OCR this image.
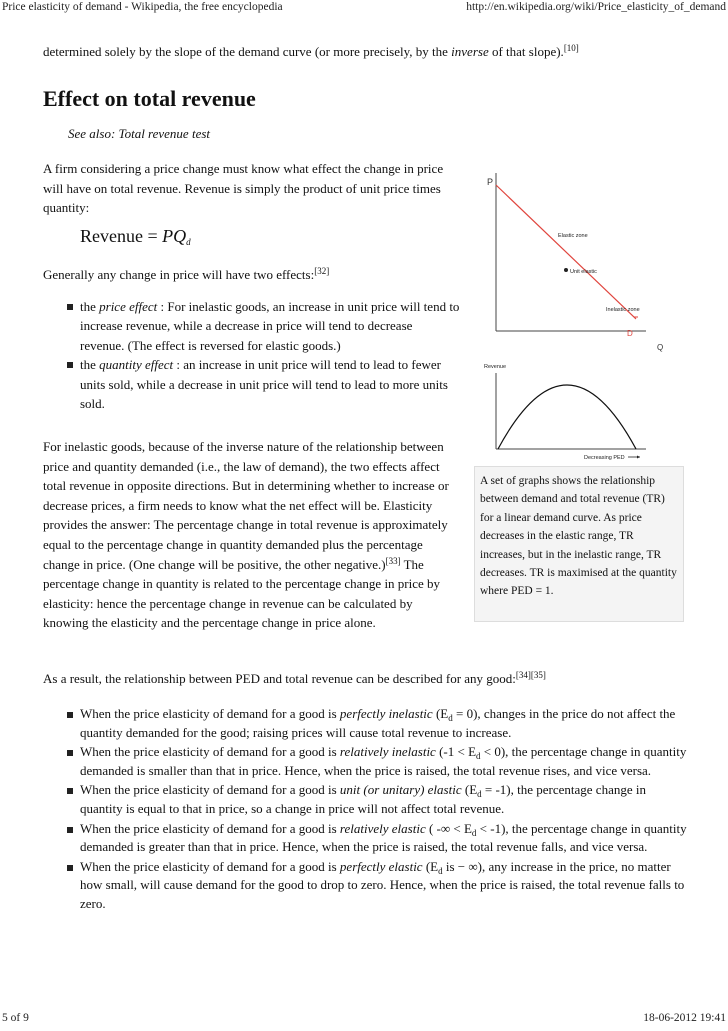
Price elasticity of demand - Wikipedia, the free encyclopedia	http://en.wikipedia.org/wiki/Price_elasticity_of_demand

determined solely by the slope of the demand curve (or more precisely, by the inverse of that slope).[10]

Effect on total revenue
See also: Total revenue test

A firm considering a price change must know what effect the change in price will have on total revenue. Revenue is simply the product of unit price times quantity:

Revenue = $PQ_d$

Generally any change in price will have two effects:[32]

the price effect : For inelastic goods, an increase in unit price will tend to increase revenue, while a decrease in price will tend to decrease revenue. (The effect is reversed for elastic goods.)
the quantity effect : an increase in unit price will tend to lead to fewer units sold, while a decrease in unit price will tend to lead to more units sold.

For inelastic goods, because of the inverse nature of the relationship between price and quantity demanded (i.e., the law of demand), the two effects affect total revenue in opposite directions. But in determining whether to increase or decrease prices, a firm needs to know what the net effect will be. Elasticity provides the answer: The percentage change in total revenue is approximately equal to the percentage change in quantity demanded plus the percentage change in price. (One change will be positive, the other negative.)[33] The percentage change in quantity is related to the percentage change in price by elasticity: hence the percentage change in revenue can be calculated by knowing the elasticity and the percentage change in price alone.

As a result, the relationship between PED and total revenue can be described for any good:[34][35]

When the price elasticity of demand for a good is perfectly inelastic $(E_d = 0)$, changes in the price do not affect the quantity demanded for the good; raising prices will cause total revenue to increase.
When the price elasticity of demand for a good is relatively inelastic $(-1 < E_d < 0)$, the percentage change in quantity demanded is smaller than that in price. Hence, when the price is raised, the total revenue rises, and vice versa.
When the price elasticity of demand for a good is unit (or unitary) elastic $(E_d = -1)$, the percentage change in quantity is equal to that in price, so a change in price will not affect total revenue.
When the price elasticity of demand for a good is relatively elastic ( -∞ < $E_d < -1$), the percentage change in quantity demanded is greater than that in price. Hence, when the price is raised, the total revenue falls, and vice versa.
When the price elasticity of demand for a good is perfectly elastic ($E_d$ is − ∞), any increase in the price, no matter how small, will cause demand for the good to drop to zero. Hence, when the price is raised, the total revenue falls to zero.
P
Q
Elastic zone
Unit elastic
Inelastic zone
D
Revenue
Decreasing PED
A set of graphs shows the relationship between demand and total revenue (TR) for a linear demand curve. As price decreases in the elastic range, TR increases, but in the inelastic range, TR decreases. TR is maximised at the quantity where PED = 1.
5 of 9	18-06-2012 19:41
